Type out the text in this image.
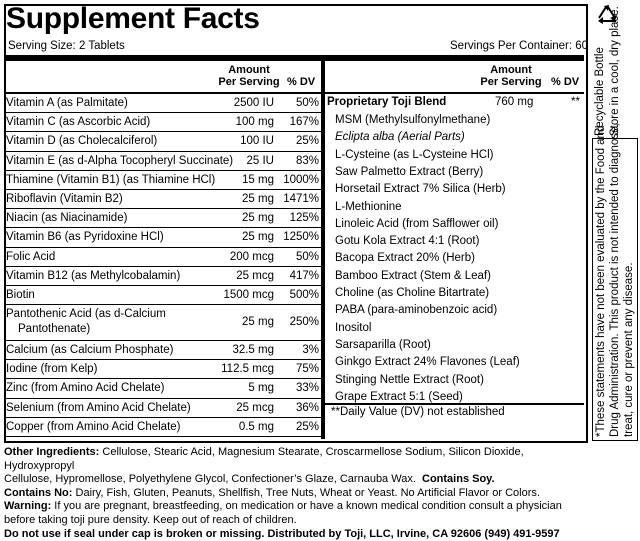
Supplement Facts
Serving Size: 2 Tablets	Servings Per Container: 60
Amount
Per Serving % DV
Vitamin A (as Palmitate)	2500 IU 50%
Vitamin C (as Ascorbic Acid)	100 mg 167%
Vitamin D (as Cholecalciferol)	100 IU 25%
Vitamin E (as d-Alpha Tocopheryl Succinate) 25 IU 83%
Thiamine (Vitamin B1) (as Thiamine HCl) 15 mg 1000%
Riboflavin (Vitamin B2)	25 mg 1471%
Niacin (as Niacinamide)	25 mg 125%
Vitamin B6 (as Pyridoxine HCl)	25 mg 1250%
Folic Acid	200 mcg 50%
Vitamin B12 (as Methylcobalamin)	25 mcg 417%
Biotin	1500 mcg 500%
Pantothenic Acid (as d-Calcium
Pantothenate)
25 mg 250%
Calcium (as Calcium Phosphate)	32.5 mg 3%
Iodine (from Kelp)	112.5 mcg 75%
Zinc (from Amino Acid Chelate)	5 mg 33%
Selenium (from Amino Acid Chelate)	25 mcg 36%
Copper (from Amino Acid Chelate)	0.5 mg 25%
Amount
Per Serving % DV
Proprietary Toji Blend	760 mg	**
MSM (Methylsulfonylmethane)
Eclipta alba (Aerial Parts)
L-Cysteine (as L-Cysteine HCl)
Saw Palmetto Extract (Berry)
Horsetail Extract 7% Silica (Herb)
L-Methionine
Linoleic Acid (from Safflower oil)
Gotu Kola Extract 4:1 (Root)
Bacopa Extract 20% (Herb)
Bamboo Extract (Stem & Leaf)
Choline (as Choline Bitartrate)
PABA (para-aminobenzoic acid)
Inositol
Sarsaparilla (Root)
Ginkgo Extract 24% Flavones (Leaf)
Stinging Nettle Extract (Root)
Grape Extract 5:1 (Seed)
**Daily Value (DV) not established
Other Ingredients: Cellulose, Stearic Acid, Magnesium Stearate, Croscarmellose Sodium, Silicon Dioxide, Hydroxypropyl
Cellulose, Hypromellose, Polyethylene Glycol, Confectioner’s Glaze, Carnauba Wax. Contains Soy.
Contains No: Dairy, Fish, Gluten, Peanuts, Shellfish, Tree Nuts, Wheat or Yeast. No Artificial Flavor or Colors.
Warning: If you are pregnant, breastfeeding, on medication or have a known medical condition consult a physician
before taking toji pure density. Keep out of reach of children.
Do not use if seal under cap is broken or missing. Distributed by Toji, LLC, Irvine, CA 92606 (949) 491-9597
Recyclable Bottle Store in a cool, dry place.
*These statements have not been evaluated by the Food and Drug Administration. This product is not intended to diagnose, treat, cure or prevent any disease.
